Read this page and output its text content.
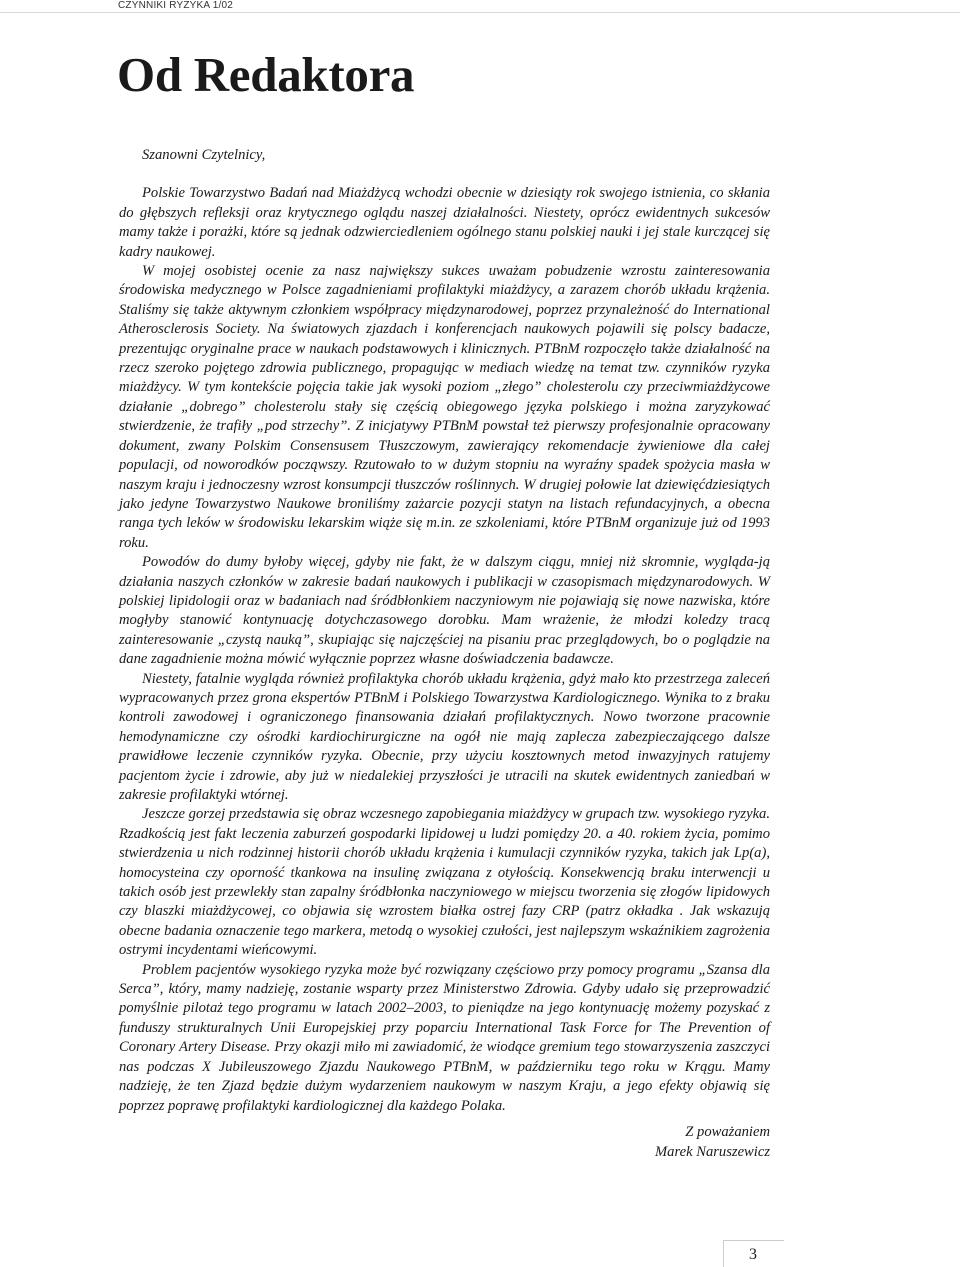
CZYNNIKI RYZYKA 1/02
Od Redaktora

Szanowni Czytelnicy,

Polskie Towarzystwo Badań nad Miażdżycą wchodzi obecnie w dziesiąty rok swojego istnienia, co skłania do głębszych refleksji oraz krytycznego oglądu naszej działalności. Niestety, oprócz ewidentnych sukcesów mamy także i porażki, które są jednak odzwierciedleniem ogólnego stanu polskiej nauki i jej stale kurczącej się kadry naukowej.

W mojej osobistej ocenie za nasz największy sukces uważam pobudzenie wzrostu zainteresowania środowiska medycznego w Polsce zagadnieniami profilaktyki miażdżycy, a zarazem chorób układu krążenia. Staliśmy się także aktywnym członkiem współpracy międzynarodowej, poprzez przynależność do International Atherosclerosis Society. Na światowych zjazdach i konferencjach naukowych pojawili się polscy badacze, prezentując oryginalne prace w naukach podstawowych i klinicznych. PTBnM rozpoczęło także działalność na rzecz szeroko pojętego zdrowia publicznego, propagując w mediach wiedzę na temat tzw. czynników ryzyka miażdżycy. W tym kontekście pojęcia takie jak wysoki poziom „złego” cholesterolu czy przeciwmiażdżycowe działanie „dobrego” cholesterolu stały się częścią obiegowego języka polskiego i można zaryzykować stwierdzenie, że trafiły „pod strzechy”. Z inicjatywy PTBnM powstał też pierwszy profesjonalnie opracowany dokument, zwany Polskim Consensusem Tłuszczowym, zawierający rekomendacje żywieniowe dla całej populacji, od noworodków począwszy. Rzutowało to w dużym stopniu na wyraźny spadek spożycia masła w naszym kraju i jednoczesny wzrost konsumpcji tłuszczów roślinnych. W drugiej połowie lat dziewięćdziesiątych jako jedyne Towarzystwo Naukowe broniliśmy zażarcie pozycji statyn na listach refundacyjnych, a obecna ranga tych leków w środowisku lekarskim wiąże się m.in. ze szkoleniami, które PTBnM organizuje już od 1993 roku.

Powodów do dumy byłoby więcej, gdyby nie fakt, że w dalszym ciągu, mniej niż skromnie, wygląda-ją działania naszych członków w zakresie badań naukowych i publikacji w czasopismach międzynarodowych. W polskiej lipidologii oraz w badaniach nad śródbłonkiem naczyniowym nie pojawiają się nowe nazwiska, które mogłyby stanowić kontynuację dotychczasowego dorobku. Mam wrażenie, że młodzi koledzy tracą zainteresowanie „czystą nauką”, skupiając się najczęściej na pisaniu prac przeglądowych, bo o poglądzie na dane zagadnienie można mówić wyłącznie poprzez własne doświadczenia badawcze.

Niestety, fatalnie wygląda również profilaktyka chorób układu krążenia, gdyż mało kto przestrzega zaleceń wypracowanych przez grona ekspertów PTBnM i Polskiego Towarzystwa Kardiologicznego. Wynika to z braku kontroli zawodowej i ograniczonego finansowania działań profilaktycznych. Nowo tworzone pracownie hemodynamiczne czy ośrodki kardiochirurgiczne na ogół nie mają zaplecza zabezpieczającego dalsze prawidłowe leczenie czynników ryzyka. Obecnie, przy użyciu kosztownych metod inwazyjnych ratujemy pacjentom życie i zdrowie, aby już w niedalekiej przyszłości je utracili na skutek ewidentnych zaniedbań w zakresie profilaktyki wtórnej.

Jeszcze gorzej przedstawia się obraz wczesnego zapobiegania miażdżycy w grupach tzw. wysokiego ryzyka. Rzadkością jest fakt leczenia zaburzeń gospodarki lipidowej u ludzi pomiędzy 20. a 40. rokiem życia, pomimo stwierdzenia u nich rodzinnej historii chorób układu krążenia i kumulacji czynników ryzyka, takich jak Lp(a), homocysteina czy oporność tkankowa na insulinę związana z otyłością. Konsekwencją braku interwencji u takich osób jest przewlekły stan zapalny śródbłonka naczyniowego w miejscu tworzenia się złogów lipidowych czy blaszki miażdżycowej, co objawia się wzrostem białka ostrej fazy CRP (patrz okładka . Jak wskazują obecne badania oznaczenie tego markera, metodą o wysokiej czułości, jest najlepszym wskaźnikiem zagrożenia ostrymi incydentami wieńcowymi.

Problem pacjentów wysokiego ryzyka może być rozwiązany częściowo przy pomocy programu „Szansa dla Serca”, który, mamy nadzieję, zostanie wsparty przez Ministerstwo Zdrowia. Gdyby udało się przeprowadzić pomyślnie pilotaż tego programu w latach 2002–2003, to pieniądze na jego kontynuację możemy pozyskać z funduszy strukturalnych Unii Europejskiej przy poparciu International Task Force for The Prevention of Coronary Artery Disease. Przy okazji miło mi zawiadomić, że wiodące gremium tego stowarzyszenia zaszczyci nas podczas X Jubileuszowego Zjazdu Naukowego PTBnM, w październiku tego roku w Krągu. Mamy nadzieję, że ten Zjazd będzie dużym wydarzeniem naukowym w naszym Kraju, a jego efekty objawią się poprzez poprawę profilaktyki kardiologicznej dla każdego Polaka.

Z poważaniem
Marek Naruszewicz
3
